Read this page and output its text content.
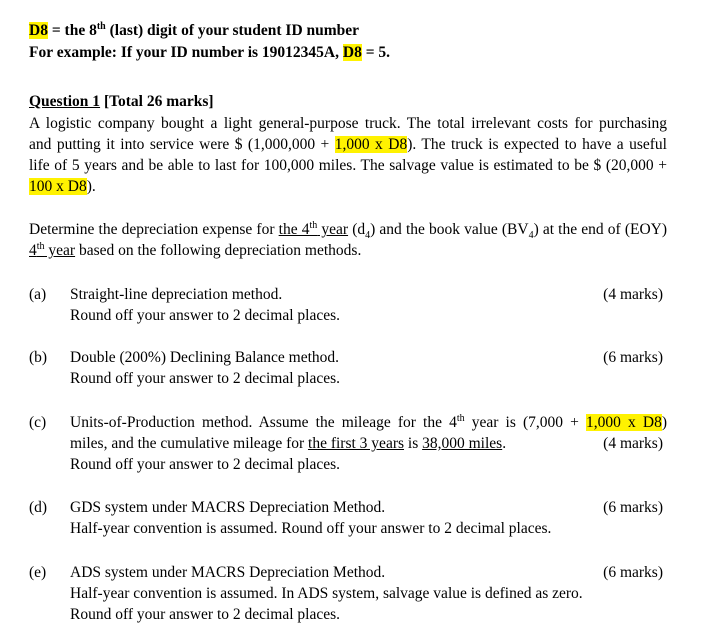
D8 = the 8th (last) digit of your student ID number
For example: If your ID number is 19012345A, D8 = 5.
Question 1 [Total 26 marks]
A logistic company bought a light general-purpose truck. The total irrelevant costs for purchasing
and putting it into service were $ (1,000,000 + 1,000 x D8). The truck is expected to have a useful
life of 5 years and be able to last for 100,000 miles. The salvage value is estimated to be $ (20,000 +
100 x D8).
Determine the depreciation expense for the 4th year $(d_4)$ and the book value $(BV_4)$ at the end of (EOY)
4th year based on the following depreciation methods.
(a) Straight-line depreciation method.
Round off your answer to 2 decimal places.
(4 marks)
(b) Double (200%) Declining Balance method.
Round off your answer to 2 decimal places.
(6 marks)
(c) Units-of-Production method. Assume the mileage for the 4th year is (7,000 + 1,000 x D8)
miles, and the cumulative mileage for the first 3 years is 38,000 miles.	(4 marks)
Round off your answer to 2 decimal places.
(d) GDS system under MACRS Depreciation Method.
Half-year convention is assumed. Round off your answer to 2 decimal places.
(6 marks)
(e) ADS system under MACRS Depreciation Method.
Half-year convention is assumed. In ADS system, salvage value is defined as zero.
Round off your answer to 2 decimal places.
(6 marks)
